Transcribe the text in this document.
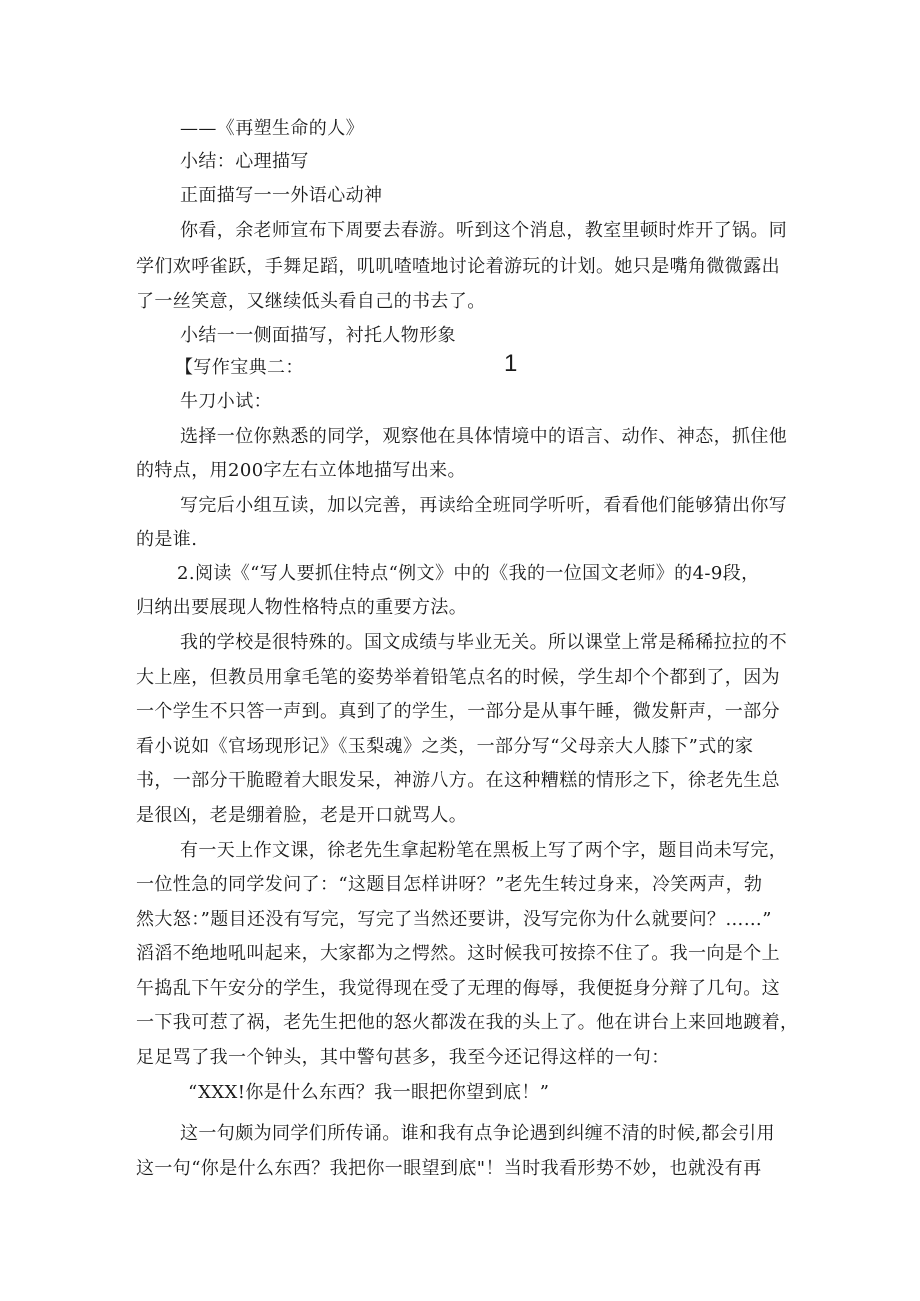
——《再塑生命的人》
小结：心理描写
正面描写一一外语心动神
你看，余老师宣布下周要去春游。听到这个消息，教室里顿时炸开了锅。同
学们欢呼雀跃，手舞足蹈，叽叽喳喳地讨论着游玩的计划。她只是嘴角微微露出
了一丝笑意，又继续低头看自己的书去了。
小结一一侧面描写，衬托人物形象
【写作宝典二：	1
牛刀小试：
选择一位你熟悉的同学，观察他在具体情境中的语言、动作、神态，抓住他
的特点，用200字左右立体地描写出来。
写完后小组互读，加以完善，再读给全班同学听听，看看他们能够猜出你写
的是谁.
2.阅读《“写人要抓住特点“例文》中的《我的一位国文老师》的4-9段，
归纳出要展现人物性格特点的重要方法。
我的学校是很特殊的。国文成绩与毕业无关。所以课堂上常是稀稀拉拉的不
大上座，但教员用拿毛笔的姿势举着铅笔点名的时候，学生却个个都到了，因为
一个学生不只答一声到。真到了的学生，一部分是从事午睡，微发鼾声，一部分
看小说如《官场现形记》《玉梨魂》之类，一部分写“父母亲大人膝下”式的家
书，一部分干脆瞪着大眼发呆，神游八方。在这种糟糕的情形之下，徐老先生总
是很凶，老是绷着脸，老是开口就骂人。
有一天上作文课，徐老先生拿起粉笔在黑板上写了两个字，题目尚未写完，
一位性急的同学发问了：“这题目怎样讲呀？”老先生转过身来，冷笑两声，勃
然大怒：”题目还没有写完，写完了当然还要讲，没写完你为什么就要问？……”
滔滔不绝地吼叫起来，大家都为之愕然。这时候我可按捺不住了。我一向是个上
午捣乱下午安分的学生，我觉得现在受了无理的侮辱，我便挺身分辩了几句。这
一下我可惹了祸，老先生把他的怒火都泼在我的头上了。他在讲台上来回地踱着，
足足骂了我一个钟头，其中警句甚多，我至今还记得这样的一句：
“XXX!你是什么东西？我一眼把你望到底！”
这一句颇为同学们所传诵。谁和我有点争论遇到纠缠不清的时候,都会引用
这一句“你是什么东西？我把你一眼望到底"！当时我看形势不妙，也就没有再
